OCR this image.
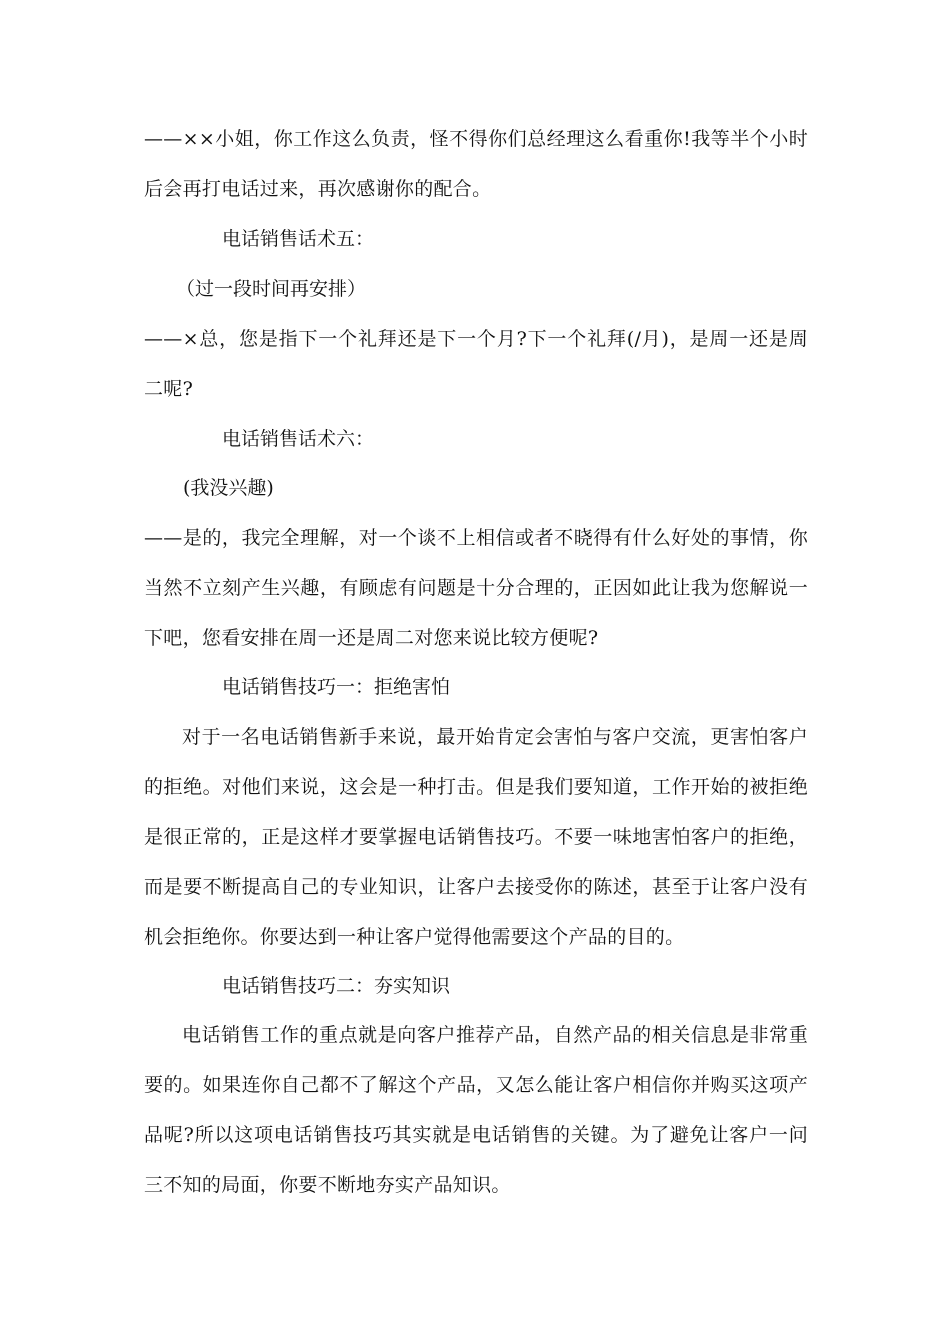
——××小姐，你工作这么负责，怪不得你们总经理这么看重你!我等半个小时后会再打电话过来，再次感谢你的配合。

电话销售话术五：

（过一段时间再安排）

——×总，您是指下一个礼拜还是下一个月?下一个礼拜(/月)，是周一还是周二呢?

电话销售话术六：

(我没兴趣)

——是的，我完全理解，对一个谈不上相信或者不晓得有什么好处的事情，你当然不立刻产生兴趣，有顾虑有问题是十分合理的，正因如此让我为您解说一下吧，您看安排在周一还是周二对您来说比较方便呢?

电话销售技巧一：拒绝害怕

对于一名电话销售新手来说，最开始肯定会害怕与客户交流，更害怕客户的拒绝。对他们来说，这会是一种打击。但是我们要知道，工作开始的被拒绝是很正常的，正是这样才要掌握电话销售技巧。不要一味地害怕客户的拒绝，而是要不断提高自己的专业知识，让客户去接受你的陈述，甚至于让客户没有机会拒绝你。你要达到一种让客户觉得他需要这个产品的目的。

电话销售技巧二：夯实知识

电话销售工作的重点就是向客户推荐产品，自然产品的相关信息是非常重要的。如果连你自己都不了解这个产品，又怎么能让客户相信你并购买这项产品呢?所以这项电话销售技巧其实就是电话销售的关键。为了避免让客户一问三不知的局面，你要不断地夯实产品知识。
